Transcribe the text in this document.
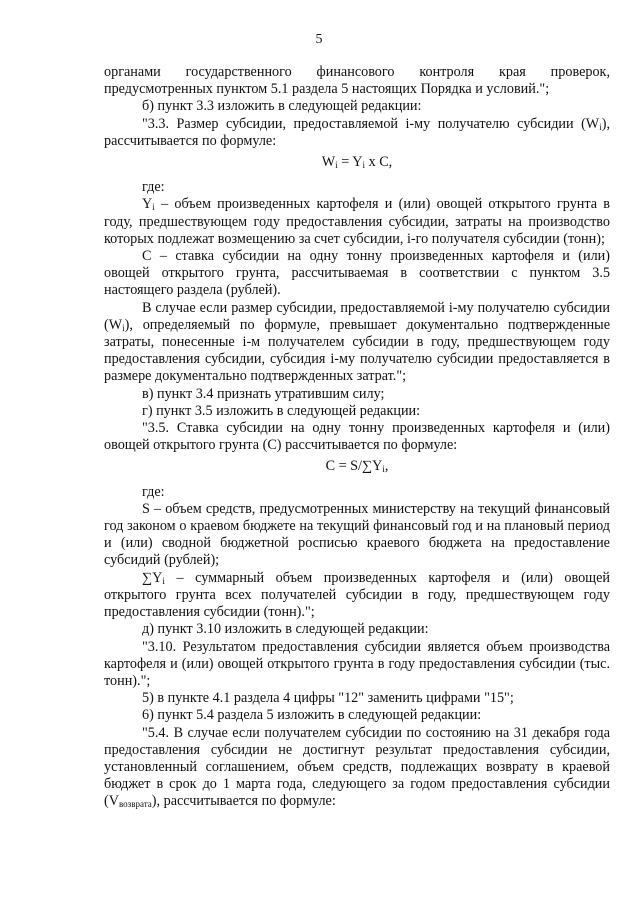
5

органами государственного финансового контроля края проверок, предусмотренных пунктом 5.1 раздела 5 настоящих Порядка и условий.";

б) пункт 3.3 изложить в следующей редакции:

"3.3. Размер субсидии, предоставляемой i-му получателю субсидии $(W_i)$, рассчитывается по формуле:

$W_i = Y_i$ x C,

где:

$Y_i$ – объем произведенных картофеля и (или) овощей открытого грунта в году, предшествующем году предоставления субсидии, затраты на производство которых подлежат возмещению за счет субсидии, i-го получателя субсидии (тонн);

С – ставка субсидии на одну тонну произведенных картофеля и (или) овощей открытого грунта, рассчитываемая в соответствии с пунктом 3.5 настоящего раздела (рублей).

В случае если размер субсидии, предоставляемой i-му получателю субсидии $(W_i)$, определяемый по формуле, превышает документально подтвержденные затраты, понесенные i-м получателем субсидии в году, предшествующем году предоставления субсидии, субсидия i-му получателю субсидии предоставляется в размере документально подтвержденных затрат.";

в) пункт 3.4 признать утратившим силу;

г) пункт 3.5 изложить в следующей редакции:

"3.5. Ставка субсидии на одну тонну произведенных картофеля и (или) овощей открытого грунта (С) рассчитывается по формуле:

$C = S/\sum Y_i$,

где:

S – объем средств, предусмотренных министерству на текущий финансовый год законом о краевом бюджете на текущий финансовый год и на плановый период и (или) сводной бюджетной росписью краевого бюджета на предоставление субсидий (рублей);

$\sum Y_i$ – суммарный объем произведенных картофеля и (или) овощей открытого грунта всех получателей субсидии в году, предшествующем году предоставления субсидии (тонн).";

д) пункт 3.10 изложить в следующей редакции:

"3.10. Результатом предоставления субсидии является объем производства картофеля и (или) овощей открытого грунта в году предоставления субсидии (тыс. тонн).";

5) в пункте 4.1 раздела 4 цифры "12" заменить цифрами "15";

6) пункт 5.4 раздела 5 изложить в следующей редакции:

"5.4. В случае если получателем субсидии по состоянию на 31 декабря года предоставления субсидии не достигнут результат предоставления субсидии, установленный соглашением, объем средств, подлежащих возврату в краевой бюджет в срок до 1 марта года, следующего за годом предоставления субсидии $(V_{возврата})$, рассчитывается по формуле:
